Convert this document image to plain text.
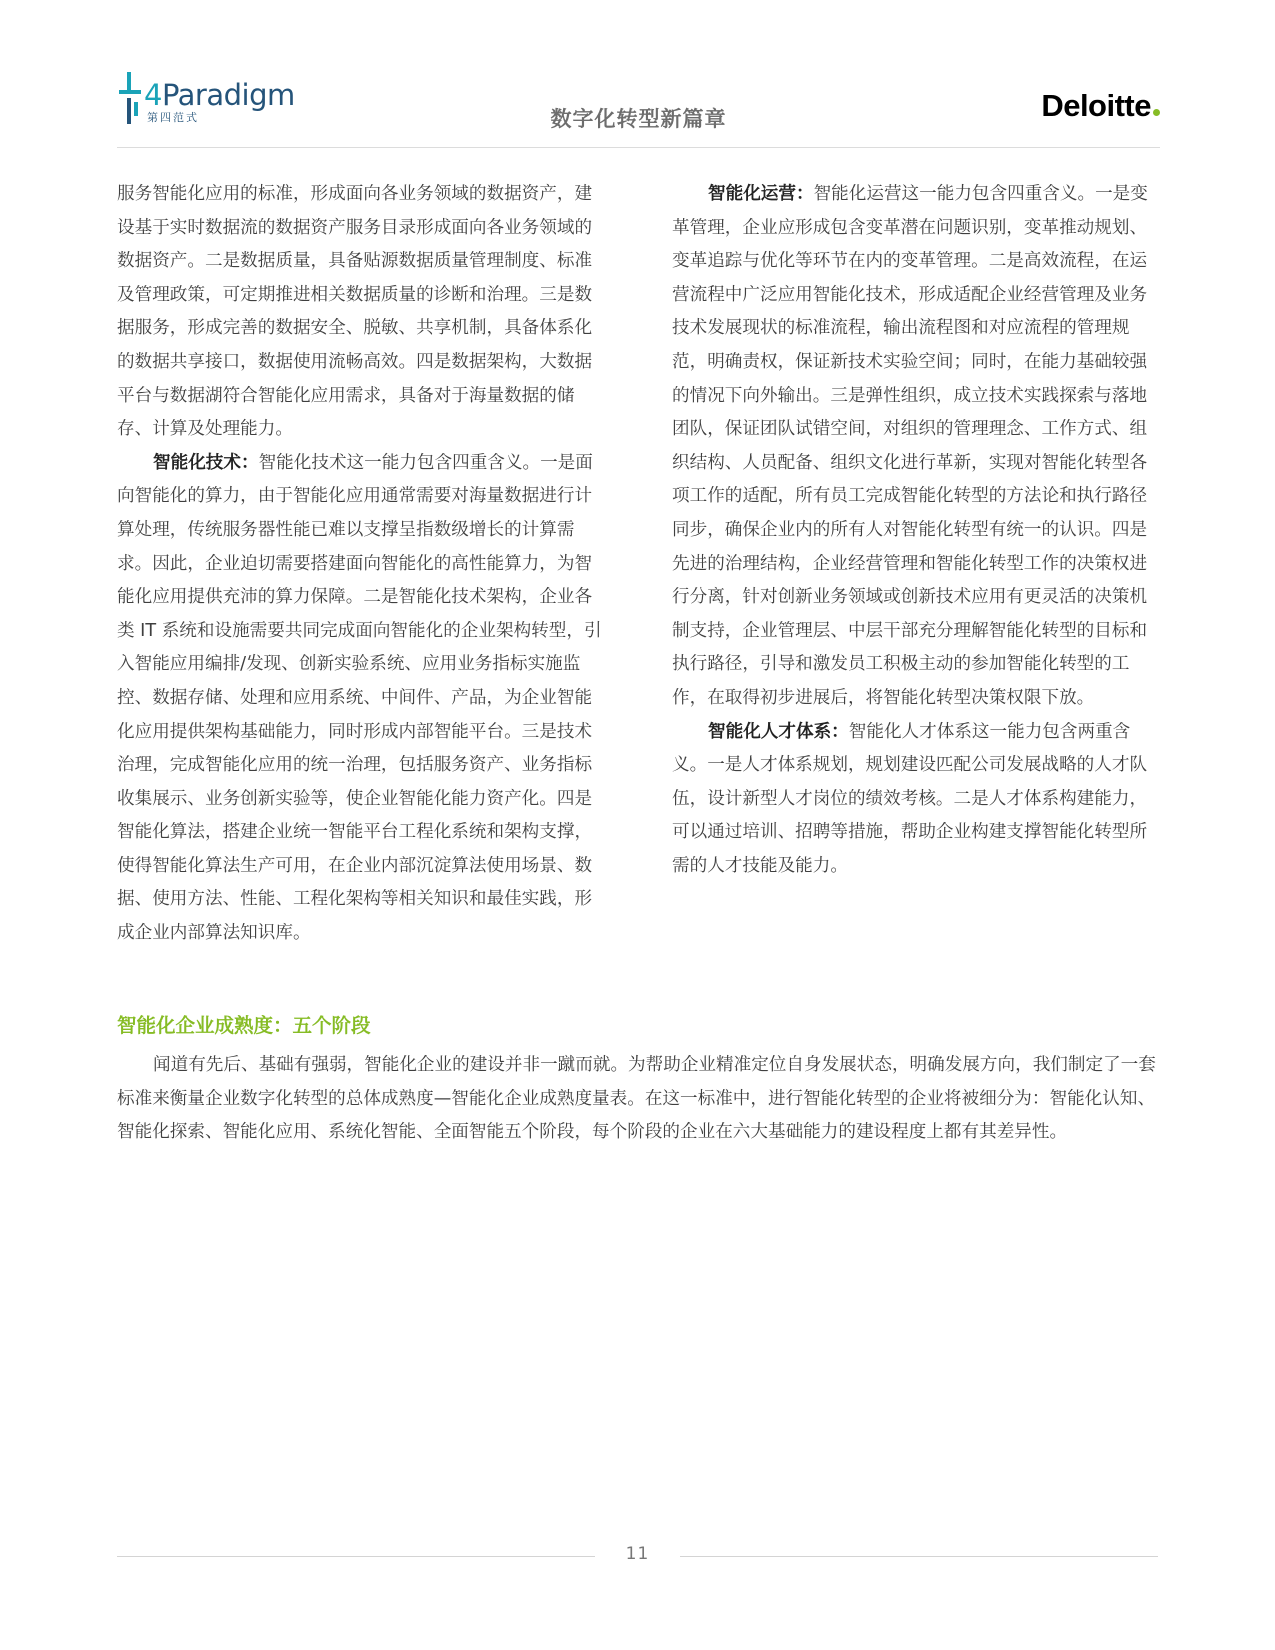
4Paradigm
第四范式	数字化转型新篇章	Deloitte

服务智能化应用的标准，形成面向各业务领域的数据资产，建设基于实时数据流的数据资产服务目录形成面向各业务领域的数据资产。二是数据质量，具备贴源数据质量管理制度、标准及管理政策，可定期推进相关数据质量的诊断和治理。三是数据服务，形成完善的数据安全、脱敏、共享机制，具备体系化的数据共享接口，数据使用流畅高效。四是数据架构，大数据平台与数据湖符合智能化应用需求，具备对于海量数据的储存、计算及处理能力。

智能化技术：智能化技术这一能力包含四重含义。一是面向智能化的算力，由于智能化应用通常需要对海量数据进行计算处理，传统服务器性能已难以支撑呈指数级增长的计算需求。因此，企业迫切需要搭建面向智能化的高性能算力，为智能化应用提供充沛的算力保障。二是智能化技术架构，企业各类 IT 系统和设施需要共同完成面向智能化的企业架构转型，引入智能应用编排/发现、创新实验系统、应用业务指标实施监控、数据存储、处理和应用系统、中间件、产品，为企业智能化应用提供架构基础能力，同时形成内部智能平台。三是技术治理，完成智能化应用的统一治理，包括服务资产、业务指标收集展示、业务创新实验等，使企业智能化能力资产化。四是智能化算法，搭建企业统一智能平台工程化系统和架构支撑， 使得智能化算法生产可用，在企业内部沉淀算法使用场景、数据、使用方法、性能、工程化架构等相关知识和最佳实践，形成企业内部算法知识库。

智能化运营：智能化运营这一能力包含四重含义。一是变革管理，企业应形成包含变革潜在问题识别，变革推动规划、变革追踪与优化等环节在内的变革管理。二是高效流程，在运营流程中广泛应用智能化技术，形成适配企业经营管理及业务技术发展现状的标准流程，输出流程图和对应流程的管理规范，明确责权，保证新技术实验空间；同时，在能力基础较强的情况下向外输出。三是弹性组织，成立技术实践探索与落地团队，保证团队试错空间，对组织的管理理念、工作方式、组织结构、人员配备、组织文化进行革新，实现对智能化转型各项工作的适配，所有员工完成智能化转型的方法论和执行路径同步，确保企业内的所有人对智能化转型有统一的认识。四是先进的治理结构，企业经营管理和智能化转型工作的决策权进行分离，针对创新业务领域或创新技术应用有更灵活的决策机制支持，企业管理层、中层干部充分理解智能化转型的目标和执行路径，引导和激发员工积极主动的参加智能化转型的工作，在取得初步进展后，将智能化转型决策权限下放。

智能化人才体系：智能化人才体系这一能力包含两重含义。一是人才体系规划，规划建设匹配公司发展战略的人才队伍，设计新型人才岗位的绩效考核。二是人才体系构建能力，可以通过培训、招聘等措施，帮助企业构建支撑智能化转型所需的人才技能及能力。

智能化企业成熟度：五个阶段

闻道有先后、基础有强弱，智能化企业的建设并非一蹴而就。为帮助企业精准定位自身发展状态，明确发展方向，我们制定了一套标准来衡量企业数字化转型的总体成熟度—智能化企业成熟度量表。在这一标准中，进行智能化转型的企业将被细分为：智能化认知、智能化探索、智能化应用、系统化智能、全面智能五个阶段，每个阶段的企业在六大基础能力的建设程度上都有其差异性。

11
